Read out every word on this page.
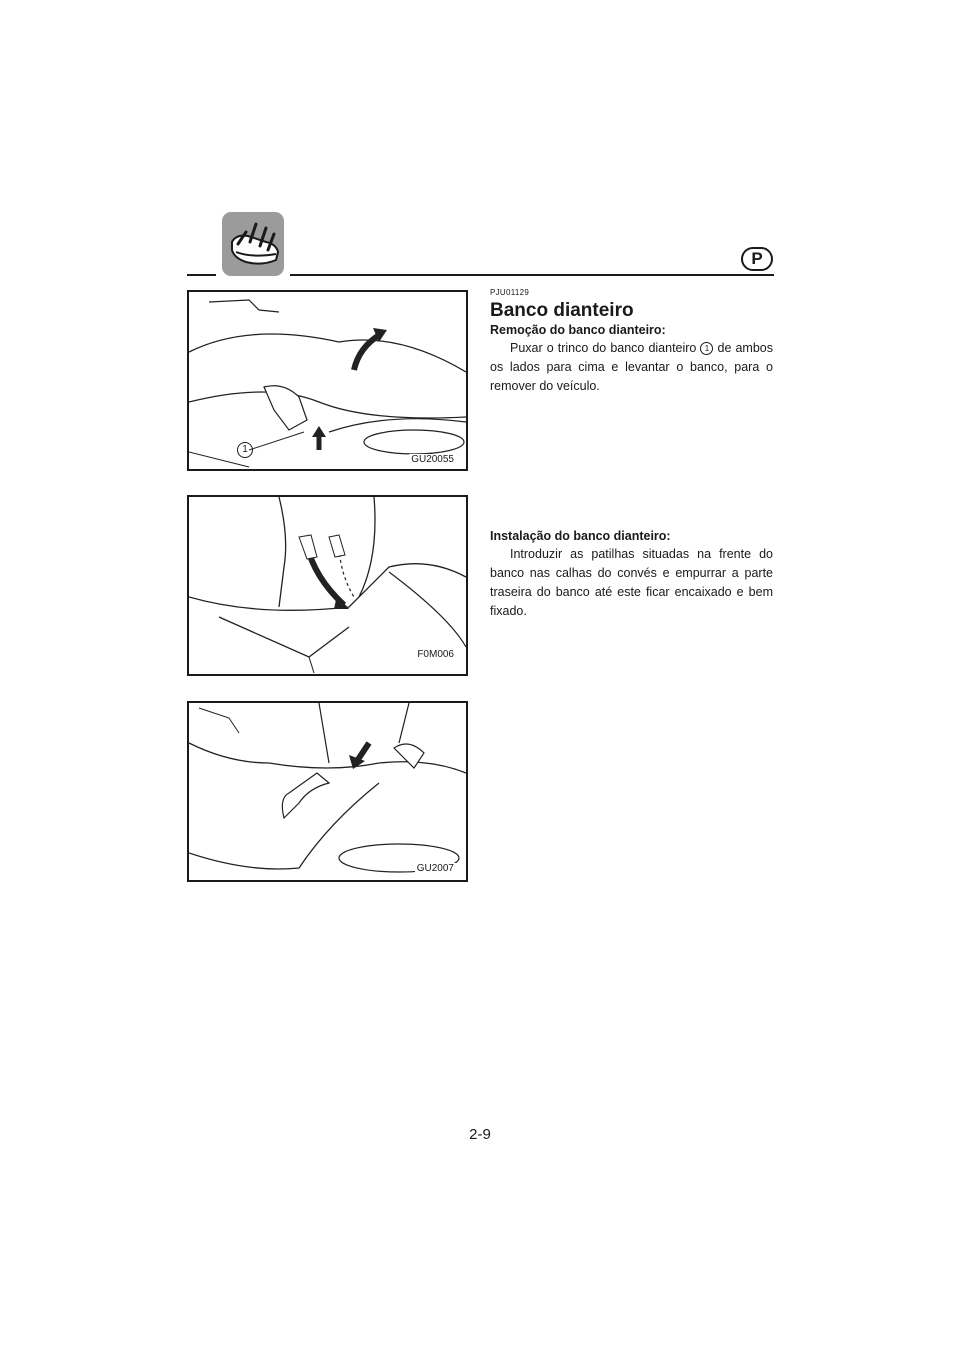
P
1
GU20055
F0M006
GU2007
PJU01129
Banco dianteiro
Remoção do banco dianteiro:

Puxar o trinco do banco dianteiro 1 de ambos os lados para cima e levantar o banco, para o remover do veículo.

Instalação do banco dianteiro:

Introduzir as patilhas situadas na frente do banco nas calhas do convés e empurrar a parte traseira do banco até este ficar encaixado e bem fixado.

2-9
